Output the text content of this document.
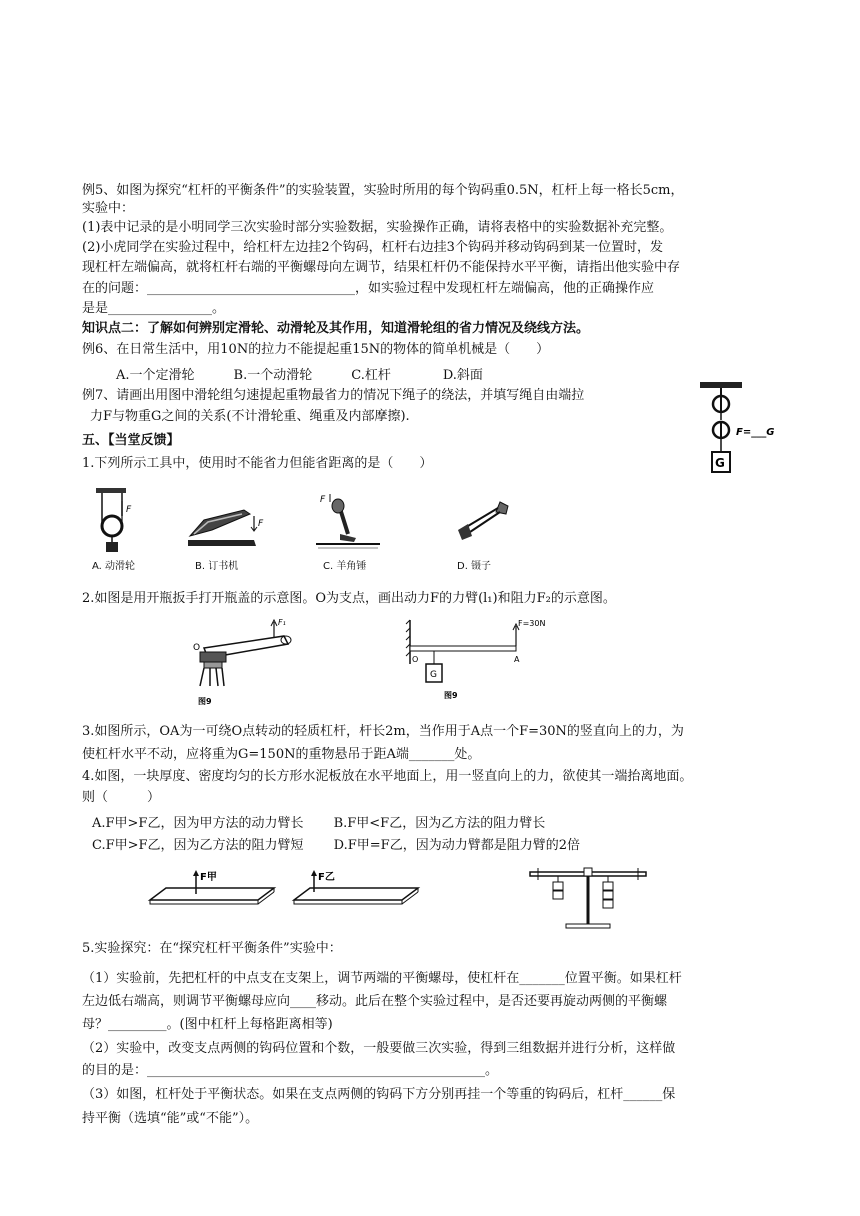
例5、如图为探究“杠杆的平衡条件”的实验装置，实验时所用的每个钩码重0.5N，杠杆上每一格长5cm，
实验中：
(1)表中记录的是小明同学三次实验时部分实验数据，实验操作正确，请将表格中的实验数据补充完整。
(2)小虎同学在实验过程中，给杠杆左边挂2个钩码，杠杆右边挂3个钩码并移动钩码到某一位置时，发
现杠杆左端偏高，就将杠杆右端的平衡螺母向左调节，结果杠杆仍不能保持水平平衡，请指出他实验中存
在的问题：________________________________，如实验过程中发现杠杆左端偏高，他的正确操作应
是是________________。
知识点二：了解如何辨别定滑轮、动滑轮及其作用，知道滑轮组的省力情况及绕线方法。
例6、在日常生活中，用10N的拉力不能提起重15N的物体的简单机械是（　　）
A.一个定滑轮　　　B.一个动滑轮　　　C.杠杆　　　　D.斜面
例7、请画出用图中滑轮组匀速提起重物最省力的情况下绳子的绕法，并填写绳自由端拉
力F与物重G之间的关系(不计滑轮重、绳重及内部摩擦).
五、【当堂反馈】
1.下列所示工具中，使用时不能省力但能省距离的是（　　）
2.如图是用开瓶扳手打开瓶盖的示意图。O为支点，画出动力F的力臂(l₁)和阻力F₂的示意图。
3.如图所示，OA为一可绕O点转动的轻质杠杆，杆长2m，当作用于A点一个F=30N的竖直向上的力，为
使杠杆水平不动，应将重为G=150N的重物悬吊于距A端_______处。
4.如图，一块厚度、密度均匀的长方形水泥板放在水平地面上，用一竖直向上的力，欲使其一端抬离地面。
则（　　　）
A.F甲>F乙，因为甲方法的动力臂长　　 B.F甲<F乙，因为乙方法的阻力臂长
C.F甲>F乙，因为乙方法的阻力臂短　　 D.F甲=F乙，因为动力臂都是阻力臂的2倍
5.实验探究：在“探究杠杆平衡条件”实验中：
（1）实验前，先把杠杆的中点支在支架上，调节两端的平衡螺母，使杠杆在_______位置平衡。如果杠杆
左边低右端高，则调节平衡螺母应向____移动。此后在整个实验过程中，是否还要再旋动两侧的平衡螺
母？_________。(图中杠杆上每格距离相等)
（2）实验中，改变支点两侧的钩码位置和个数，一般要做三次实验，得到三组数据并进行分析，这样做
的目的是：____________________________________________________。
（3）如图，杠杆处于平衡状态。如果在支点两侧的钩码下方分别再挂一个等重的钩码后，杠杆______保
持平衡（选填“能”或“不能”）。
G
F=___G
F
A. 动滑轮
F
B. 订书机
F
C. 羊角锤	D. 镊子
O
F₁
图9
G
O	A
F=30N
图9
F甲	F乙
